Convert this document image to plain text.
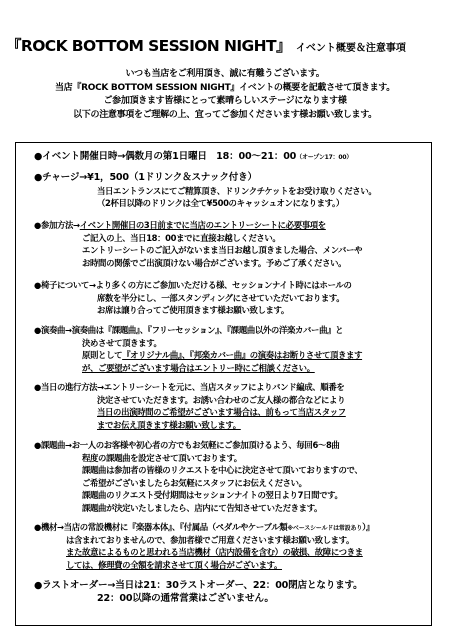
『ROCK BOTTOM SESSION NIGHT』 イベント概要＆注意事項
いつも当店をご利用頂き、誠に有難うございます。
当店『ROCK BOTTOM SESSION NIGHT』イベントの概要を記載させて頂きます。
ご参加頂きます皆様にとって素晴らしいステージになります様
以下の注意事項をご理解の上、宜ってご参加くださいます様お願い致します。
●イベント開催日時→偶数月の第1日曜日　18：00〜21：00（オープン17：00）
●チャージ→¥1，500（1ドリンク＆スナック付き）
当日エントランスにてご精算頂き、ドリンクチケットをお受け取りください。
（2杯目以降のドリンクは全て¥500のキャッシュオンになります。）
●参加方法→イベント開催日の3日前までに当店のエントリーシートに必要事項を
ご記入の上、当日18：00までに直接お越しください。
エントリーシートのご記入がないまま当日お越し頂きました場合、メンバーや
お時間の関係でご出演頂けない場合がございます。予めご了承ください。
●椅子について→より多くの方にご参加いただける様、セッションナイト時にはホールの
席数を半分にし、一部スタンディングにさせていただいております。
お席は譲り合ってご使用頂きます様お願い致します。
●演奏曲→演奏曲は『課題曲』、『フリーセッション』、『課題曲以外の洋楽カバー曲』と
決めさせて頂きます。
原則として『オリジナル曲』、『邦楽カバー曲』の演奏はお断りさせて頂きます
が、ご要望がございます場合はエントリー時にご相談ください。
●当日の進行方法→エントリーシートを元に、当店スタッフによりバンド編成、順番を
決定させていただきます。お誘い合わせのご友人様の都合などにより
当日の出演時間のご希望がございます場合は、前もって当店スタッフ
までお伝え頂きます様お願い致します。
●課題曲→お一人のお客様や初心者の方でもお気軽にご参加頂けるよう、毎回6〜8曲
程度の課題曲を設定させて頂いております。
課題曲は参加者の皆様のリクエストを中心に決定させて頂いておりますので、
ご希望がございましたらお気軽にスタッフにお伝えください。
課題曲のリクエスト受付期間はセッションナイトの翌日より7日間です。
課題曲が決定いたしましたら、店内にて告知させていただきます。
●機材→当店の常設機材に『楽器本体』、『付属品（ペダルやケーブル類※ベースシールドは常設あり）』
は含まれておりませんので、参加者様でご用意くださいます様お願い致します。
また故意によるものと思われる当店機材（店内設備を含む）の破損、故障につきま
しては、修理費の全額を請求させて頂く場合がございます。
●ラストオーダー→当日は21：30ラストオーダー、22：00閉店となります。
22：00以降の通常営業はございません。
